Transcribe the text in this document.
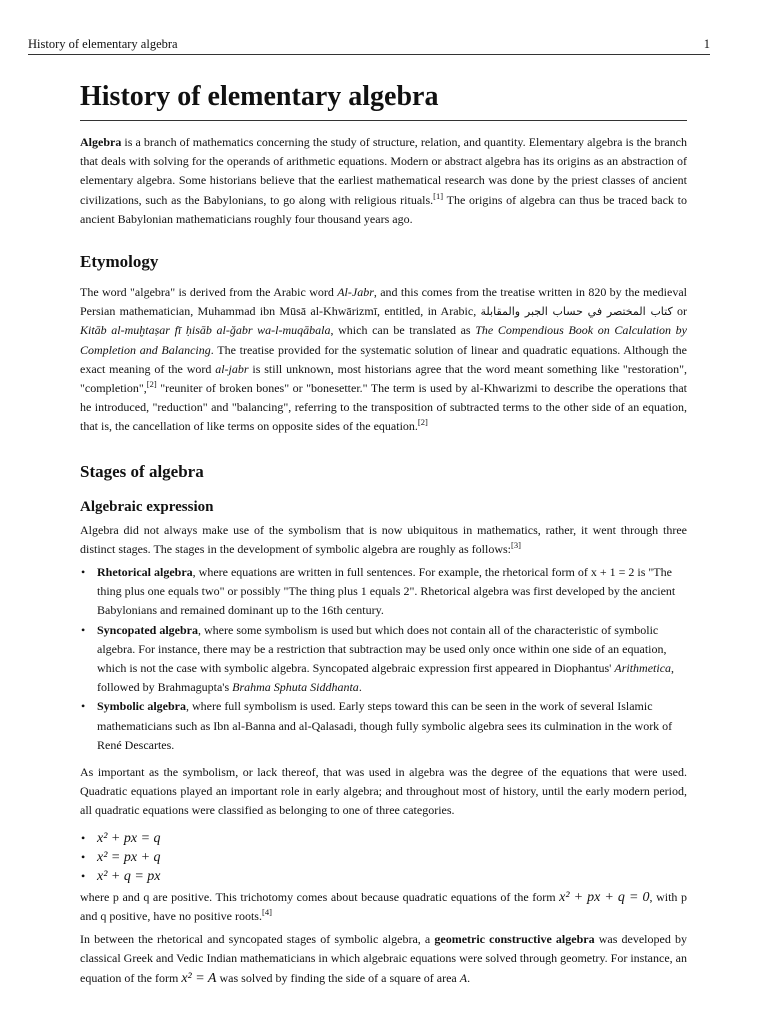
History of elementary algebra	1
History of elementary algebra

Algebra is a branch of mathematics concerning the study of structure, relation, and quantity. Elementary algebra is the branch that deals with solving for the operands of arithmetic equations. Modern or abstract algebra has its origins as an abstraction of elementary algebra. Some historians believe that the earliest mathematical research was done by the priest classes of ancient civilizations, such as the Babylonians, to go along with religious rituals.[1] The origins of algebra can thus be traced back to ancient Babylonian mathematicians roughly four thousand years ago.

Etymology

The word "algebra" is derived from the Arabic word Al-Jabr, and this comes from the treatise written in 820 by the medieval Persian mathematician, Muhammad ibn Mūsā al-Khwārizmī, entitled, in Arabic, كتاب المختصر في حساب الجبر والمقابلة or Kitāb al-muḫtaṣar fī ḥisāb al-ğabr wa-l-muqābala, which can be translated as The Compendious Book on Calculation by Completion and Balancing. The treatise provided for the systematic solution of linear and quadratic equations. Although the exact meaning of the word al-jabr is still unknown, most historians agree that the word meant something like "restoration", "completion",[2] "reuniter of broken bones" or "bonesetter." The term is used by al-Khwarizmi to describe the operations that he introduced, "reduction" and "balancing", referring to the transposition of subtracted terms to the other side of an equation, that is, the cancellation of like terms on opposite sides of the equation.[2]

Stages of algebra
Algebraic expression

Algebra did not always make use of the symbolism that is now ubiquitous in mathematics, rather, it went through three distinct stages. The stages in the development of symbolic algebra are roughly as follows:[3]

• Rhetorical algebra, where equations are written in full sentences. For example, the rhetorical form of x + 1 = 2 is "The thing plus one equals two" or possibly "The thing plus 1 equals 2". Rhetorical algebra was first developed by the ancient Babylonians and remained dominant up to the 16th century.
• Syncopated algebra, where some symbolism is used but which does not contain all of the characteristic of symbolic algebra. For instance, there may be a restriction that subtraction may be used only once within one side of an equation, which is not the case with symbolic algebra. Syncopated algebraic expression first appeared in Diophantus' Arithmetica, followed by Brahmagupta's Brahma Sphuta Siddhanta.
• Symbolic algebra, where full symbolism is used. Early steps toward this can be seen in the work of several Islamic mathematicians such as Ibn al-Banna and al-Qalasadi, though fully symbolic algebra sees its culmination in the work of René Descartes.

As important as the symbolism, or lack thereof, that was used in algebra was the degree of the equations that were used. Quadratic equations played an important role in early algebra; and throughout most of history, until the early modern period, all quadratic equations were classified as belonging to one of three categories.

• x² + px = q
• x² = px + q
• x² + q = px

where p and q are positive. This trichotomy comes about because quadratic equations of the form x² + px + q = 0, with p and q positive, have no positive roots.[4]

In between the rhetorical and syncopated stages of symbolic algebra, a geometric constructive algebra was developed by classical Greek and Vedic Indian mathematicians in which algebraic equations were solved through geometry. For instance, an equation of the form x² = A was solved by finding the side of a square of area A.
